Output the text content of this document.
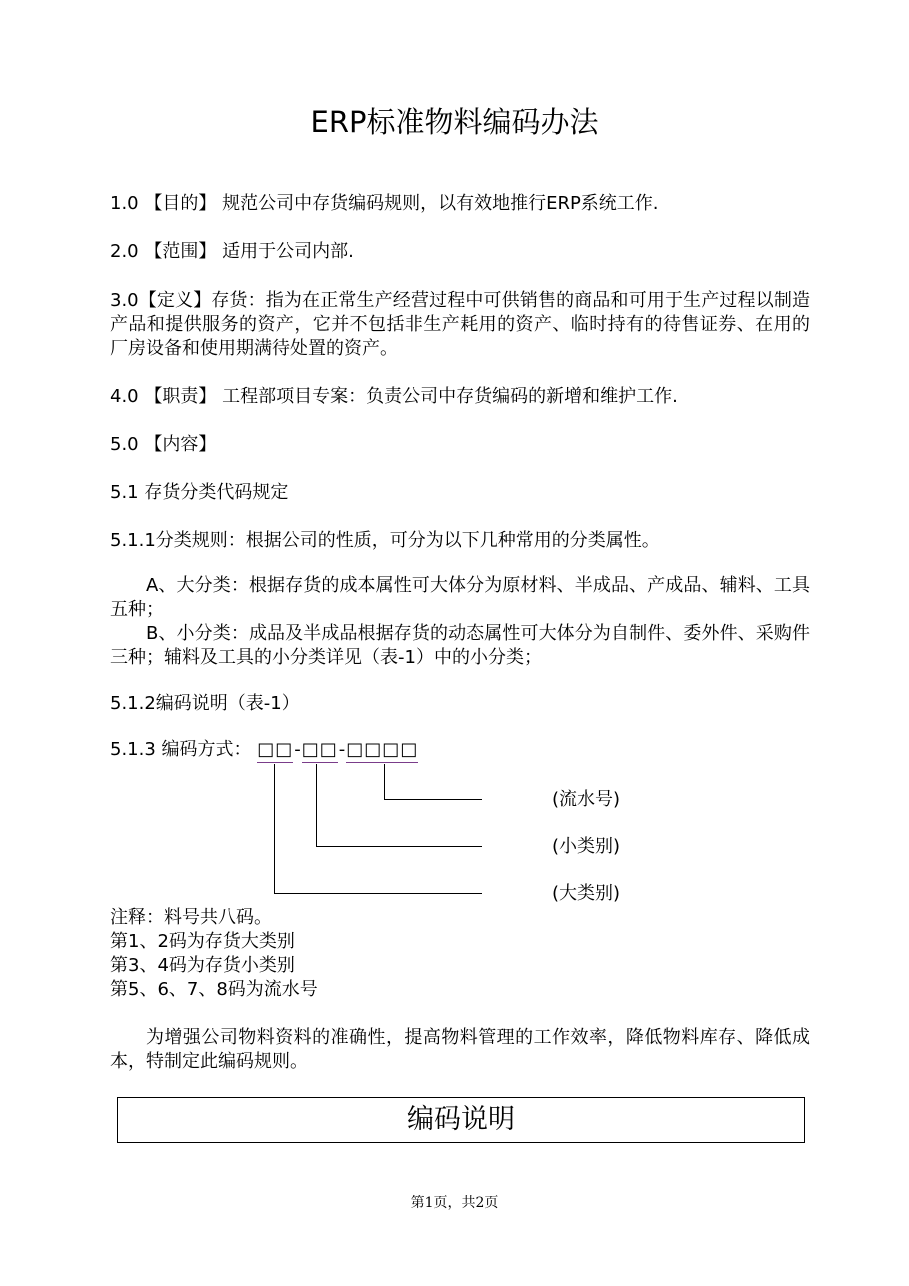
ERP标准物料编码办法
1.0 【目的】 规范公司中存货编码规则，以有效地推行ERP系统工作.
2.0 【范围】 适用于公司内部.
3.0【定义】存货：指为在正常生产经营过程中可供销售的商品和可用于生产过程以制造产品和提供服务的资产，它并不包括非生产耗用的资产、临时持有的待售证券、在用的厂房设备和使用期满待处置的资产。
4.0 【职责】 工程部项目专案：负责公司中存货编码的新增和维护工作.
5.0 【内容】
5.1 存货分类代码规定
5.1.1分类规则：根据公司的性质，可分为以下几种常用的分类属性。
A、大分类：根据存货的成本属性可大体分为原材料、半成品、产成品、辅料、工具五种；
B、小分类：成品及半成品根据存货的动态属性可大体分为自制件、委外件、采购件三种；辅料及工具的小分类详见（表-1）中的小分类；
5.1.2编码说明（表-1）
5.1.3 编码方式： □□-□□-□□□□
(流水号)
(小类别)
(大类别)
注释：料号共八码。
第1、2码为存货大类别
第3、4码为存货小类别
第5、6、7、8码为流水号
为增强公司物料资料的准确性，提高物料管理的工作效率，降低物料库存、降低成本，特制定此编码规则。
编码说明
第1页，共2页
